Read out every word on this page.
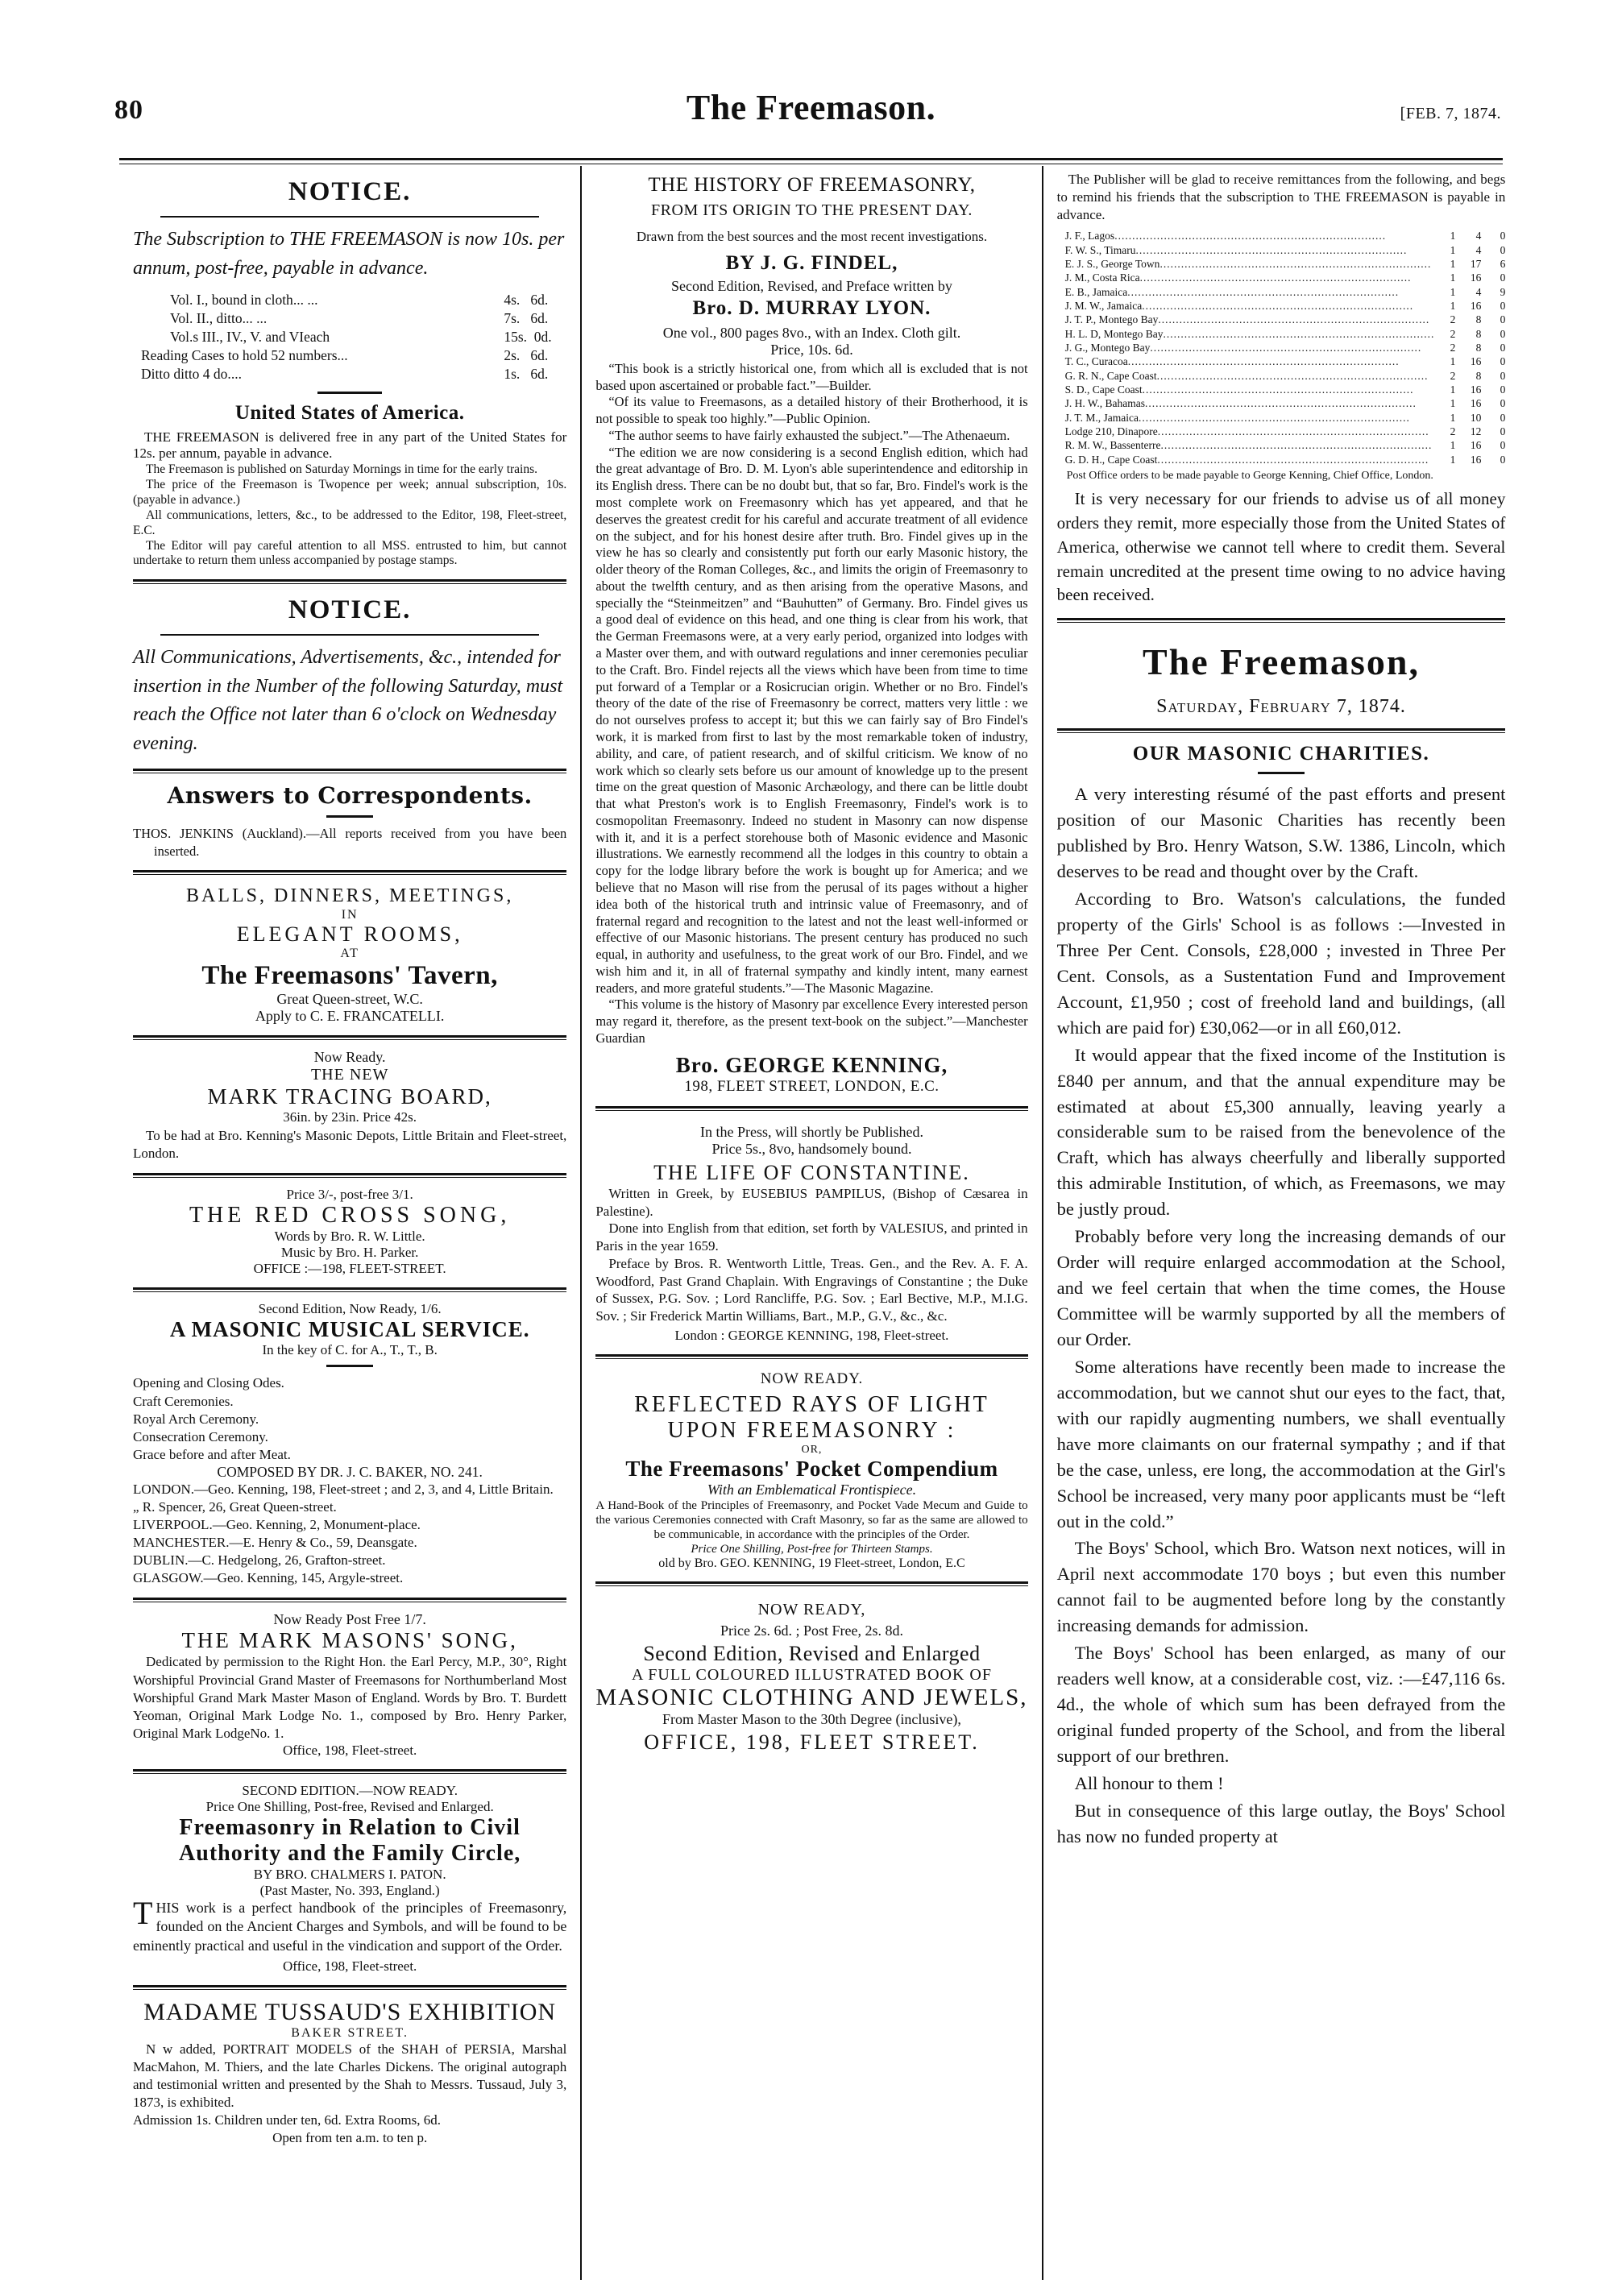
80	The Freemason.	[FEB. 7, 1874.
NOTICE.

The Subscription to THE FREEMASON is now 10s. per annum, post-free, payable in advance.

Vol. I., bound in cloth ... ...	4s.   6d.
Vol. II., ditto ... ...	7s.   6d.
Vol.s III., IV., V. and VI each	15s.  0d.
Reading Cases to hold 52 numbers ...	2s.   6d.
Ditto ditto 4 do. ...	1s.   6d.
United States of America.

THE FREEMASON is delivered free in any part of the United States for 12s. per annum, payable in advance.

The Freemason is published on Saturday Mornings in time for the early trains.

The price of the Freemason is Twopence per week; annual subscription, 10s. (payable in advance.)

All communications, letters, &c., to be addressed to the Editor, 198, Fleet-street, E.C.

The Editor will pay careful attention to all MSS. entrusted to him, but cannot undertake to return them unless accompanied by postage stamps.

NOTICE.

All Communications, Advertisements, &c., intended for insertion in the Number of the following Saturday, must reach the Office not later than 6 o'clock on Wednesday evening.

Answers to Correspondents.
THOS. JENKINS (Auckland).—All reports received from you have been inserted.
BALLS, DINNERS, MEETINGS,
IN
ELEGANT ROOMS,
AT
The Freemasons' Tavern,
Great Queen-street, W.C.
Apply to C. E. FRANCATELLI.
Now Ready.
THE NEW
MARK TRACING BOARD,
36in. by 23in. Price 42s.

To be had at Bro. Kenning's Masonic Depots, Little Britain and Fleet-street, London.

Price 3/-, post-free 3/1.
THE RED CROSS SONG,
Words by Bro. R. W. Little.
Music by Bro. H. Parker.
OFFICE :—198, FLEET-STREET.
Second Edition, Now Ready, 1/6.
A MASONIC MUSICAL SERVICE.
In the key of C. for A., T., T., B.
Opening and Closing Odes.
Craft Ceremonies.
Royal Arch Ceremony.
Consecration Ceremony.
Grace before and after Meat.
COMPOSED BY DR. J. C. BAKER, NO. 241.
LONDON.—Geo. Kenning, 198, Fleet-street ; and 2, 3, and 4, Little Britain.
„ R. Spencer, 26, Great Queen-street.
LIVERPOOL.—Geo. Kenning, 2, Monument-place.
MANCHESTER.—E. Henry & Co., 59, Deansgate.
DUBLIN.—C. Hedgelong, 26, Grafton-street.
GLASGOW.—Geo. Kenning, 145, Argyle-street.
Now Ready Post Free 1/7.
THE MARK MASONS' SONG,

Dedicated by permission to the Right Hon. the Earl Percy, M.P., 30°, Right Worshipful Provincial Grand Master of Freemasons for Northumberland Most Worshipful Grand Mark Master Mason of England. Words by Bro. T. Burdett Yeoman, Original Mark Lodge No. 1., composed by Bro. Henry Parker, Original Mark LodgeNo. 1.

Office, 198, Fleet-street.
SECOND EDITION.—NOW READY.
Price One Shilling, Post-free, Revised and Enlarged.
Freemasonry in Relation to Civil
Authority and the Family Circle,
BY BRO. CHALMERS I. PATON.
(Past Master, No. 393, England.)
THIS work is a perfect handbook of the principles of Freemasonry, founded on the Ancient Charges and Symbols, and will be found to be eminently practical and useful in the vindication and support of the Order.
Office, 198, Fleet-street.
MADAME TUSSAUD'S EXHIBITION
BAKER STREET.

N w added, PORTRAIT MODELS of the SHAH of PERSIA, Marshal MacMahon, M. Thiers, and the late Charles Dickens. The original autograph and testimonial written and presented by the Shah to Messrs. Tussaud, July 3, 1873, is exhibited.

Admission 1s. Children under ten, 6d. Extra Rooms, 6d.
Open from ten a.m. to ten p.
THE HISTORY OF FREEMASONRY,
FROM ITS ORIGIN TO THE PRESENT DAY.
Drawn from the best sources and the most recent investigations.
BY J. G. FINDEL,
Second Edition, Revised, and Preface written by
Bro. D. MURRAY LYON.
One vol., 800 pages 8vo., with an Index. Cloth gilt.
Price, 10s. 6d.

“This book is a strictly historical one, from which all is excluded that is not based upon ascertained or probable fact.”—Builder.

“Of its value to Freemasons, as a detailed history of their Brotherhood, it is not possible to speak too highly.”—Public Opinion.

“The author seems to have fairly exhausted the subject.”—The Athenaeum.

“The edition we are now considering is a second English edition, which had the great advantage of Bro. D. M. Lyon's able superintendence and editorship in its English dress. There can be no doubt but, that so far, Bro. Findel's work is the most complete work on Freemasonry which has yet appeared, and that he deserves the greatest credit for his careful and accurate treatment of all evidence on the subject, and for his honest desire after truth. Bro. Findel gives up in the view he has so clearly and consistently put forth our early Masonic history, the older theory of the Roman Colleges, &c., and limits the origin of Freemasonry to about the twelfth century, and as then arising from the operative Masons, and specially the “Steinmeitzen” and “Bauhutten” of Germany. Bro. Findel gives us a good deal of evidence on this head, and one thing is clear from his work, that the German Freemasons were, at a very early period, organized into lodges with a Master over them, and with outward regulations and inner ceremonies peculiar to the Craft. Bro. Findel rejects all the views which have been from time to time put forward of a Templar or a Rosicrucian origin. Whether or no Bro. Findel's theory of the date of the rise of Freemasonry be correct, matters very little : we do not ourselves profess to accept it; but this we can fairly say of Bro Findel's work, it is marked from first to last by the most remarkable token of industry, ability, and care, of patient research, and of skilful criticism. We know of no work which so clearly sets before us our amount of knowledge up to the present time on the great question of Masonic Archæology, and there can be little doubt that what Preston's work is to English Freemasonry, Findel's work is to cosmopolitan Freemasonry. Indeed no student in Masonry can now dispense with it, and it is a perfect storehouse both of Masonic evidence and Masonic illustrations. We earnestly recommend all the lodges in this country to obtain a copy for the lodge library before the work is bought up for America; and we believe that no Mason will rise from the perusal of its pages without a higher idea both of the historical truth and intrinsic value of Freemasonry, and of fraternal regard and recognition to the latest and not the least well-informed or effective of our Masonic historians. The present century has produced no such equal, in authority and usefulness, to the great work of our Bro. Findel, and we wish him and it, in all of fraternal sympathy and kindly intent, many earnest readers, and more grateful students.”—The Masonic Magazine.

“This volume is the history of Masonry par excellence Every interested person may regard it, therefore, as the present text-book on the subject.”—Manchester Guardian

Bro. GEORGE KENNING,
198, FLEET STREET, LONDON, E.C.
In the Press, will shortly be Published.
Price 5s., 8vo, handsomely bound.
THE LIFE OF CONSTANTINE.

Written in Greek, by EUSEBIUS PAMPILUS, (Bishop of Cæsarea in Palestine).

Done into English from that edition, set forth by VALESIUS, and printed in Paris in the year 1659.

Preface by Bros. R. Wentworth Little, Treas. Gen., and the Rev. A. F. A. Woodford, Past Grand Chaplain. With Engravings of Constantine ; the Duke of Sussex, P.G. Sov. ; Lord Rancliffe, P.G. Sov. ; Earl Bective, M.P., M.I.G. Sov. ; Sir Frederick Martin Williams, Bart., M.P., G.V., &c., &c.

London : GEORGE KENNING, 198, Fleet-street.
NOW READY.
REFLECTED RAYS OF LIGHT
UPON FREEMASONRY :
OR,
The Freemasons' Pocket Compendium
With an Emblematical Frontispiece.

A Hand-Book of the Principles of Freemasonry, and Pocket Vade Mecum and Guide to the various Ceremonies connected with Craft Masonry, so far as the same are allowed to be communicable, in accordance with the principles of the Order.

Price One Shilling, Post-free for Thirteen Stamps.
old by Bro. GEO. KENNING, 19 Fleet-street, London, E.C
NOW READY,
Price 2s. 6d. ; Post Free, 2s. 8d.
Second Edition, Revised and Enlarged
A FULL COLOURED ILLUSTRATED BOOK OF
MASONIC CLOTHING AND JEWELS,
From Master Mason to the 30th Degree (inclusive),
OFFICE, 198, FLEET STREET.

The Publisher will be glad to receive remittances from the following, and begs to remind his friends that the subscription to THE FREEMASON is payable in advance.

J. F., Lagos .............................................................................	1	4	0
F. W. S., Timaru .............................................................................	1	4	0
E. J. S., George Town .............................................................................	1	17	6
J. M., Costa Rica .............................................................................	1	16	0
E. B., Jamaica .............................................................................	1	4	9
J. M. W., Jamaica .............................................................................	1	16	0
J. T. P., Montego Bay .............................................................................	2	8	0
H. L. D, Montego Bay .............................................................................	2	8	0
J. G., Montego Bay .............................................................................	2	8	0
T. C., Curacoa .............................................................................	1	16	0
G. R. N., Cape Coast .............................................................................	2	8	0
S. D., Cape Coast .............................................................................	1	16	0
J. H. W., Bahamas .............................................................................	1	16	0
J. T. M., Jamaica .............................................................................	1	10	0
Lodge 210, Dinapore .............................................................................	2	12	0
R. M. W., Bassenterre .............................................................................	1	16	0
G. D. H., Cape Coast .............................................................................	1	16	0

Post Office orders to be made payable to George Kenning, Chief Office, London.

It is very necessary for our friends to advise us of all money orders they remit, more especially those from the United States of America, otherwise we cannot tell where to credit them. Several remain uncredited at the present time owing to no advice having been received.

The Freemason,
Saturday, February 7, 1874.
OUR MASONIC CHARITIES.

A very interesting résumé of the past efforts and present position of our Masonic Charities has recently been published by Bro. Henry Watson, S.W. 1386, Lincoln, which deserves to be read and thought over by the Craft.

According to Bro. Watson's calculations, the funded property of the Girls' School is as follows :—Invested in Three Per Cent. Consols, £28,000 ; invested in Three Per Cent. Consols, as a Sustentation Fund and Improvement Account, £1,950 ; cost of freehold land and buildings, (all which are paid for) £30,062—or in all £60,012.

It would appear that the fixed income of the Institution is £840 per annum, and that the annual expenditure may be estimated at about £5,300 annually, leaving yearly a considerable sum to be raised from the benevolence of the Craft, which has always cheerfully and liberally supported this admirable Institution, of which, as Freemasons, we may be justly proud.

Probably before very long the increasing demands of our Order will require enlarged accommodation at the School, and we feel certain that when the time comes, the House Committee will be warmly supported by all the members of our Order.

Some alterations have recently been made to increase the accommodation, but we cannot shut our eyes to the fact, that, with our rapidly augmenting numbers, we shall eventually have more claimants on our fraternal sympathy ; and if that be the case, unless, ere long, the accommodation at the Girl's School be increased, very many poor applicants must be “left out in the cold.”

The Boys' School, which Bro. Watson next notices, will in April next accommodate 170 boys ; but even this number cannot fail to be augmented before long by the constantly increasing demands for admission.

The Boys' School has been enlarged, as many of our readers well know, at a considerable cost, viz. :—£47,116 6s. 4d., the whole of which sum has been defrayed from the original funded property of the School, and from the liberal support of our brethren.

All honour to them !

But in consequence of this large outlay, the Boys' School has now no funded property at
